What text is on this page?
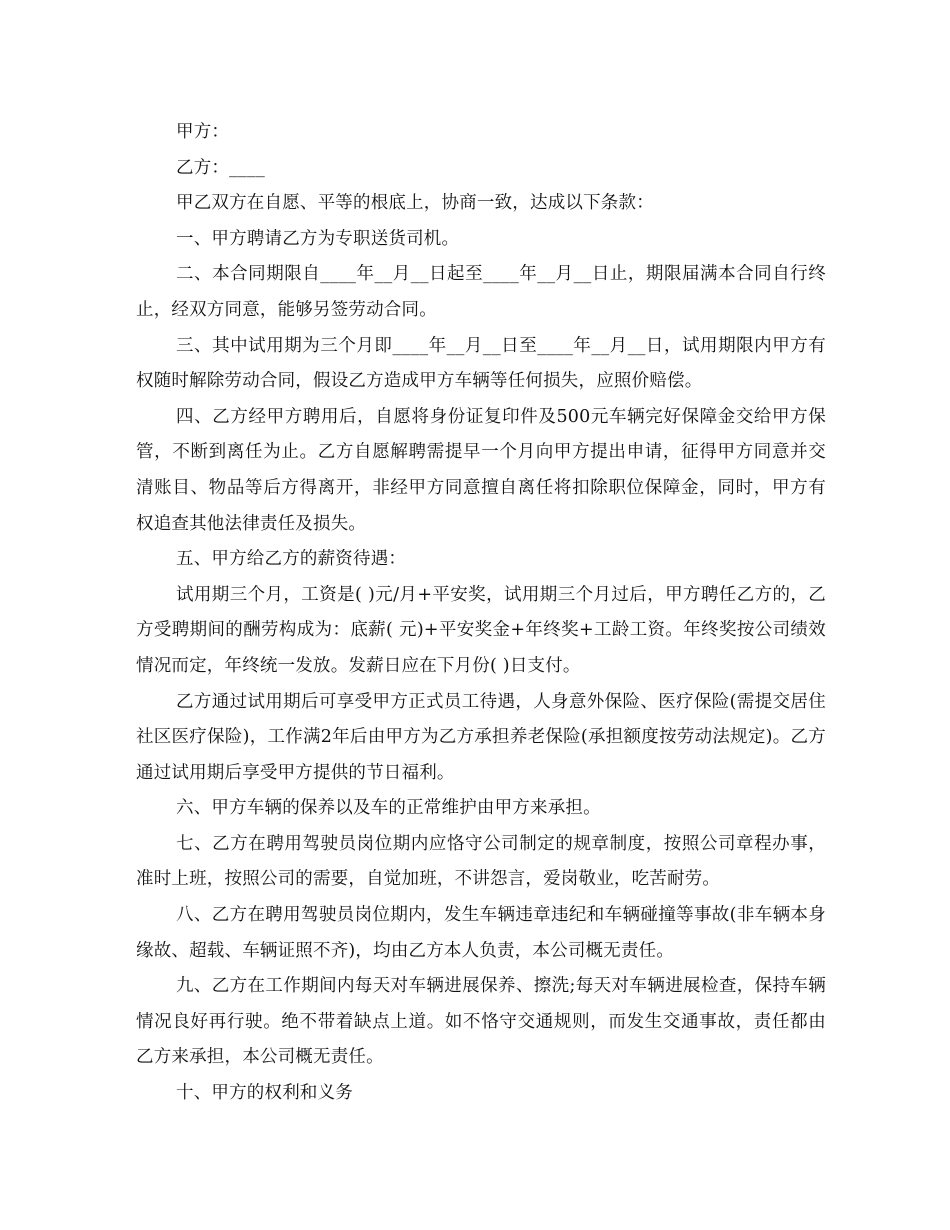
甲方：

乙方：____

甲乙双方在自愿、平等的根底上，协商一致，达成以下条款：

一、甲方聘请乙方为专职送货司机。

二、本合同期限自____年__月__日起至____年__月__日止，期限届满本合同自行终止，经双方同意，能够另签劳动合同。

三、其中试用期为三个月即____年__月__日至____年__月__日，试用期限内甲方有权随时解除劳动合同，假设乙方造成甲方车辆等任何损失，应照价赔偿。

四、乙方经甲方聘用后，自愿将身份证复印件及500元车辆完好保障金交给甲方保管，不断到离任为止。乙方自愿解聘需提早一个月向甲方提出申请，征得甲方同意并交清账目、物品等后方得离开，非经甲方同意擅自离任将扣除职位保障金，同时，甲方有权追查其他法律责任及损失。

五、甲方给乙方的薪资待遇：

试用期三个月，工资是( )元/月+平安奖，试用期三个月过后，甲方聘任乙方的，乙方受聘期间的酬劳构成为：底薪( 元)+平安奖金+年终奖+工龄工资。年终奖按公司绩效情况而定，年终统一发放。发薪日应在下月份( )日支付。

乙方通过试用期后可享受甲方正式员工待遇，人身意外保险、医疗保险(需提交居住社区医疗保险)，工作满2年后由甲方为乙方承担养老保险(承担额度按劳动法规定)。乙方通过试用期后享受甲方提供的节日福利。

六、甲方车辆的保养以及车的正常维护由甲方来承担。

七、乙方在聘用驾驶员岗位期内应恪守公司制定的规章制度，按照公司章程办事，准时上班，按照公司的需要，自觉加班，不讲怨言，爱岗敬业，吃苦耐劳。

八、乙方在聘用驾驶员岗位期内，发生车辆违章违纪和车辆碰撞等事故(非车辆本身缘故、超载、车辆证照不齐)，均由乙方本人负责，本公司概无责任。

九、乙方在工作期间内每天对车辆进展保养、擦洗;每天对车辆进展检查，保持车辆情况良好再行驶。绝不带着缺点上道。如不恪守交通规则，而发生交通事故，责任都由乙方来承担，本公司概无责任。

十、甲方的权利和义务
